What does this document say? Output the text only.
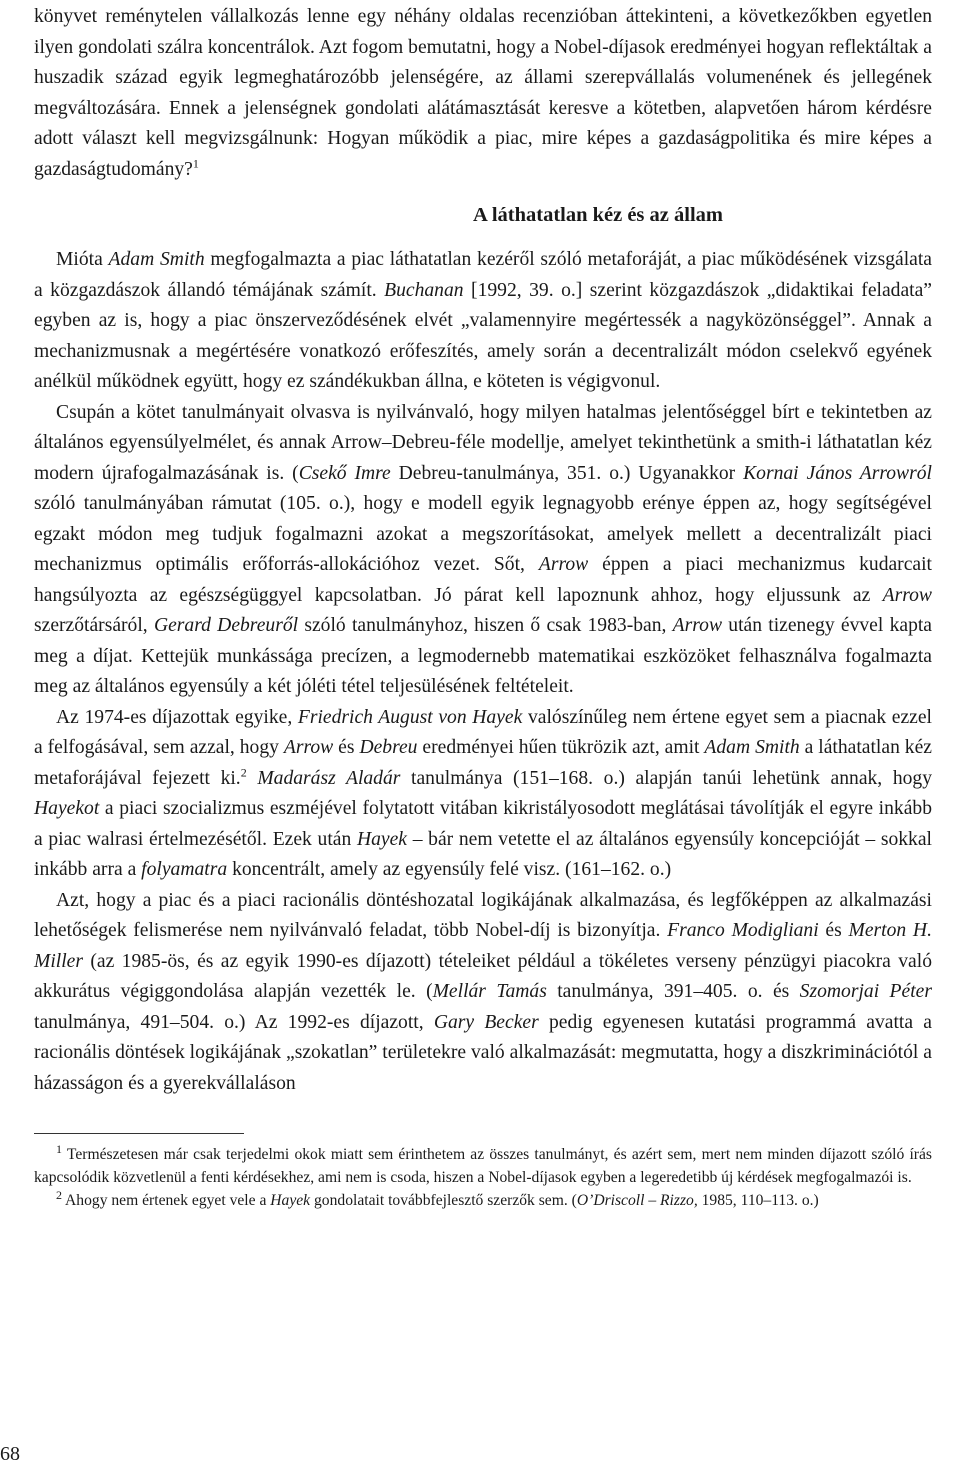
könyvet reménytelen vállalkozás lenne egy néhány oldalas recenzióban áttekinteni, a következőkben egyetlen ilyen gondolati szálra koncentrálok. Azt fogom bemutatni, hogy a Nobel-díjasok eredményei hogyan reflektáltak a huszadik század egyik legmeghatározóbb jelenségére, az állami szerepvállalás volumenének és jellegének megváltozására. Ennek a jelenségnek gondolati alátámasztását keresve a kötetben, alapvetően három kérdésre adott választ kell megvizsgálnunk: Hogyan működik a piac, mire képes a gazdaságpolitika és mire képes a gazdaságtudomány?$^1$

A láthatatlan kéz és az állam

Mióta Adam Smith megfogalmazta a piac láthatatlan kezéről szóló metaforáját, a piac működésének vizsgálata a közgazdászok állandó témájának számít. Buchanan [1992, 39. o.] szerint közgazdászok „didaktikai feladata” egyben az is, hogy a piac önszerveződésének elvét „valamennyire megértessék a nagyközönséggel”. Annak a mechanizmusnak a megértésére vonatkozó erőfeszítés, amely során a decentralizált módon cselekvő egyének anélkül működnek együtt, hogy ez szándékukban állna, e köteten is végigvonul.

Csupán a kötet tanulmányait olvasva is nyilvánvaló, hogy milyen hatalmas jelentőséggel bírt e tekintetben az általános egyensúlyelmélet, és annak Arrow–Debreu-féle modellje, amelyet tekinthetünk a smith-i láthatatlan kéz modern újrafogalmazásának is. (Csekő Imre Debreu-tanulmánya, 351. o.) Ugyanakkor Kornai János Arrowról szóló tanulmányában rámutat (105. o.), hogy e modell egyik legnagyobb erénye éppen az, hogy segítségével egzakt módon meg tudjuk fogalmazni azokat a megszorításokat, amelyek mellett a decentralizált piaci mechanizmus optimális erőforrás-allokációhoz vezet. Sőt, Arrow éppen a piaci mechanizmus kudarcait hangsúlyozta az egészségüggyel kapcsolatban. Jó párat kell lapoznunk ahhoz, hogy eljussunk az Arrow szerzőtársáról, Gerard Debreuről szóló tanulmányhoz, hiszen ő csak 1983-ban, Arrow után tizenegy évvel kapta meg a díjat. Kettejük munkássága precízen, a legmodernebb matematikai eszközöket felhasználva fogalmazta meg az általános egyensúly a két jóléti tétel teljesülésének feltételeit.

Az 1974-es díjazottak egyike, Friedrich August von Hayek valószínűleg nem értene egyet sem a piacnak ezzel a felfogásával, sem azzal, hogy Arrow és Debreu eredményei hűen tükrözik azt, amit Adam Smith a láthatatlan kéz metaforájával fejezett ki.$^2$ Madarász Aladár tanulmánya (151–168. o.) alapján tanúi lehetünk annak, hogy Hayekot a piaci szocializmus eszméjével folytatott vitában kikristályosodott meglátásai távolítják el egyre inkább a piac walrasi értelmezésétől. Ezek után Hayek – bár nem vetette el az általános egyensúly koncepcióját – sokkal inkább arra a folyamatra koncentrált, amely az egyensúly felé visz. (161–162. o.)

Azt, hogy a piac és a piaci racionális döntéshozatal logikájának alkalmazása, és legfőképpen az alkalmazási lehetőségek felismerése nem nyilvánvaló feladat, több Nobel-díj is bizonyítja. Franco Modigliani és Merton H. Miller (az 1985-ös, és az egyik 1990-es díjazott) tételeiket például a tökéletes verseny pénzügyi piacokra való akkurátus végiggondolása alapján vezették le. (Mellár Tamás tanulmánya, 391–405. o. és Szomorjai Péter tanulmánya, 491–504. o.) Az 1992-es díjazott, Gary Becker pedig egyenesen kutatási programmá avatta a racionális döntések logikájának „szokatlan” területekre való alkalmazását: megmutatta, hogy a diszkriminációtól a házasságon és a gyerekvállaláson

$^1$ Természetesen már csak terjedelmi okok miatt sem érinthetem az összes tanulmányt, és azért sem, mert nem minden díjazott szóló írás kapcsolódik közvetlenül a fenti kérdésekhez, ami nem is csoda, hiszen a Nobel-díjasok egyben a legeredetibb új kérdések megfogalmazói is.

$^2$ Ahogy nem értenek egyet vele a Hayek gondolatait továbbfejlesztő szerzők sem. (O’Driscoll – Rizzo, 1985, 110–113. o.)

68
